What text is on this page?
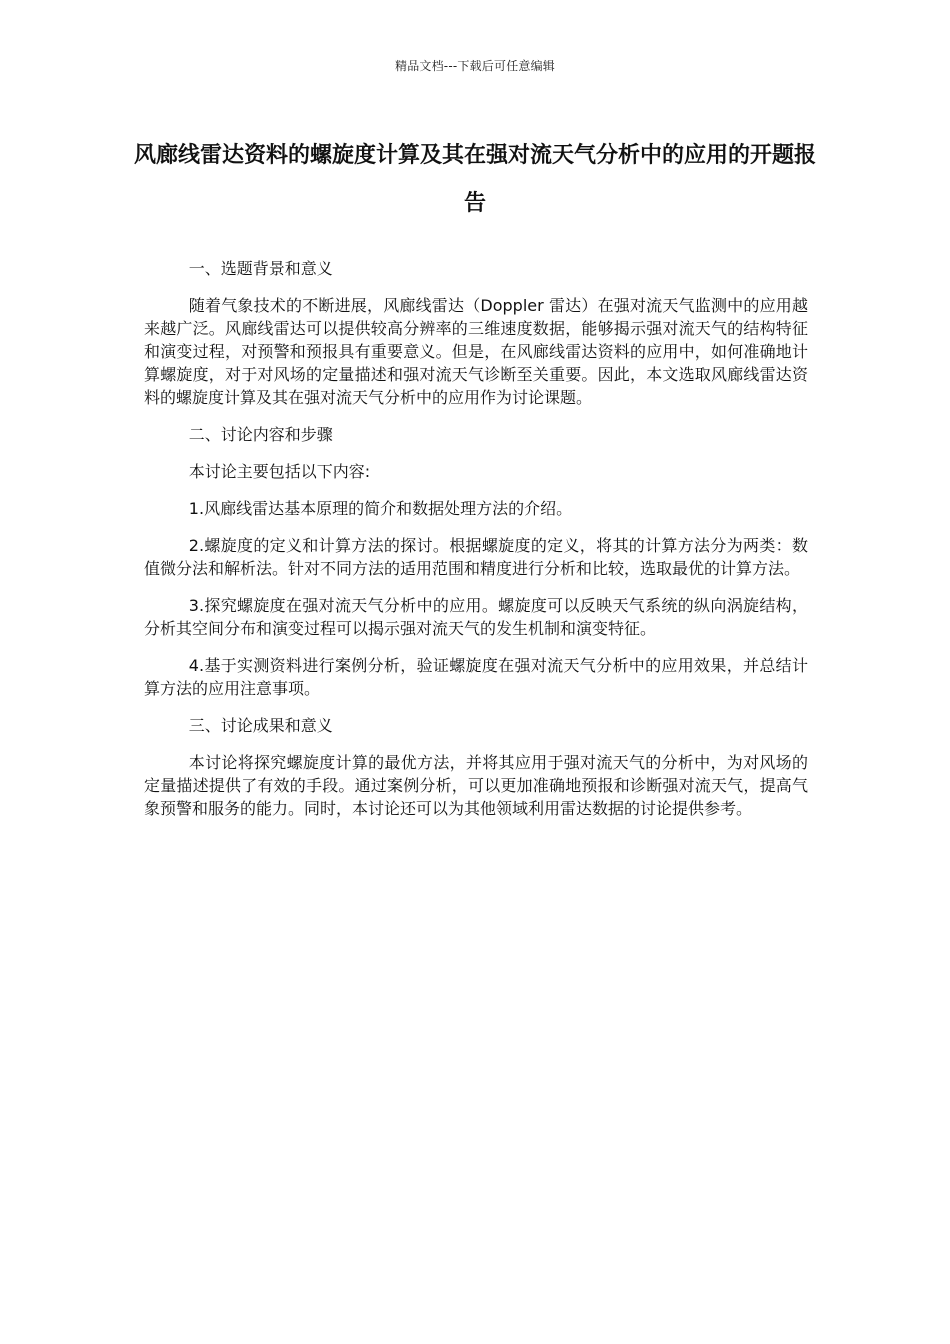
精品文档---下载后可任意编辑
风廊线雷达资料的螺旋度计算及其在强对流天气分析中的应用的开题报告

一、选题背景和意义

随着气象技术的不断进展，风廊线雷达（Doppler 雷达）在强对流天气监测中的应用越来越广泛。风廊线雷达可以提供较高分辨率的三维速度数据，能够揭示强对流天气的结构特征和演变过程，对预警和预报具有重要意义。但是，在风廊线雷达资料的应用中，如何准确地计算螺旋度，对于对风场的定量描述和强对流天气诊断至关重要。因此，本文选取风廊线雷达资料的螺旋度计算及其在强对流天气分析中的应用作为讨论课题。

二、讨论内容和步骤

本讨论主要包括以下内容:

1.风廊线雷达基本原理的简介和数据处理方法的介绍。

2.螺旋度的定义和计算方法的探讨。根据螺旋度的定义，将其的计算方法分为两类：数值微分法和解析法。针对不同方法的适用范围和精度进行分析和比较，选取最优的计算方法。

3.探究螺旋度在强对流天气分析中的应用。螺旋度可以反映天气系统的纵向涡旋结构，分析其空间分布和演变过程可以揭示强对流天气的发生机制和演变特征。

4.基于实测资料进行案例分析，验证螺旋度在强对流天气分析中的应用效果，并总结计算方法的应用注意事项。

三、讨论成果和意义

本讨论将探究螺旋度计算的最优方法，并将其应用于强对流天气的分析中，为对风场的定量描述提供了有效的手段。通过案例分析，可以更加准确地预报和诊断强对流天气，提高气象预警和服务的能力。同时，本讨论还可以为其他领域利用雷达数据的讨论提供参考。
